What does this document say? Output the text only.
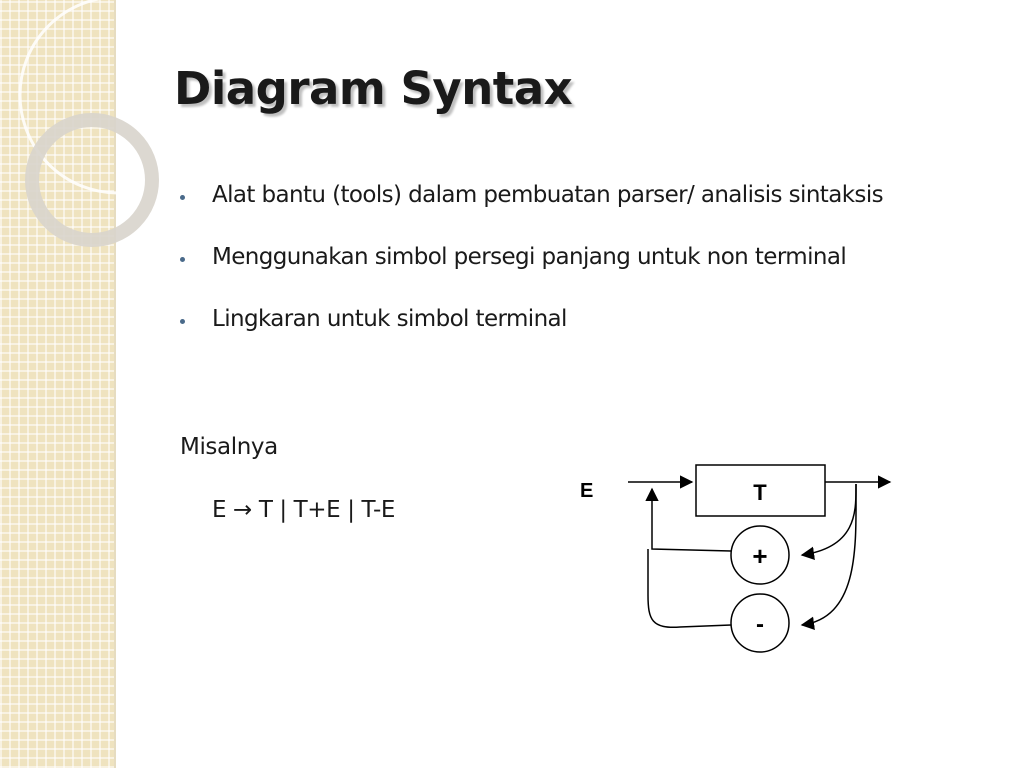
Diagram Syntax
Alat bantu (tools) dalam pembuatan parser/ analisis sintaksis
Menggunakan simbol persegi panjang untuk non terminal
Lingkaran untuk simbol terminal
Misalnya
E → T | T+E | T-E
E	T
+
-
